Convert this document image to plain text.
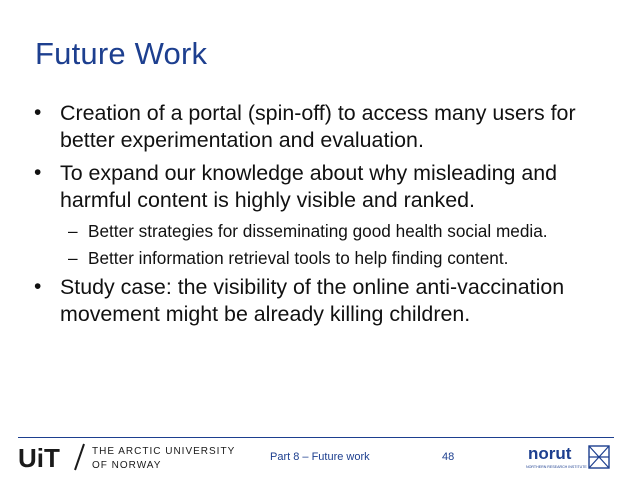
Future Work
• Creation of a portal (spin-off) to access many users for better experimentation and evaluation.
• To expand our knowledge about why misleading and harmful content is highly visible and ranked.
– Better strategies for disseminating good health social media.
– Better information retrieval tools to help finding content.
• Study case: the visibility of the online anti-vaccination movement might be already killing children.
UiT	THE ARCTIC UNIVERSITY
OF NORWAY
Part 8 – Future work	48	norut
NORTHERN RESEARCH INSTITUTE
